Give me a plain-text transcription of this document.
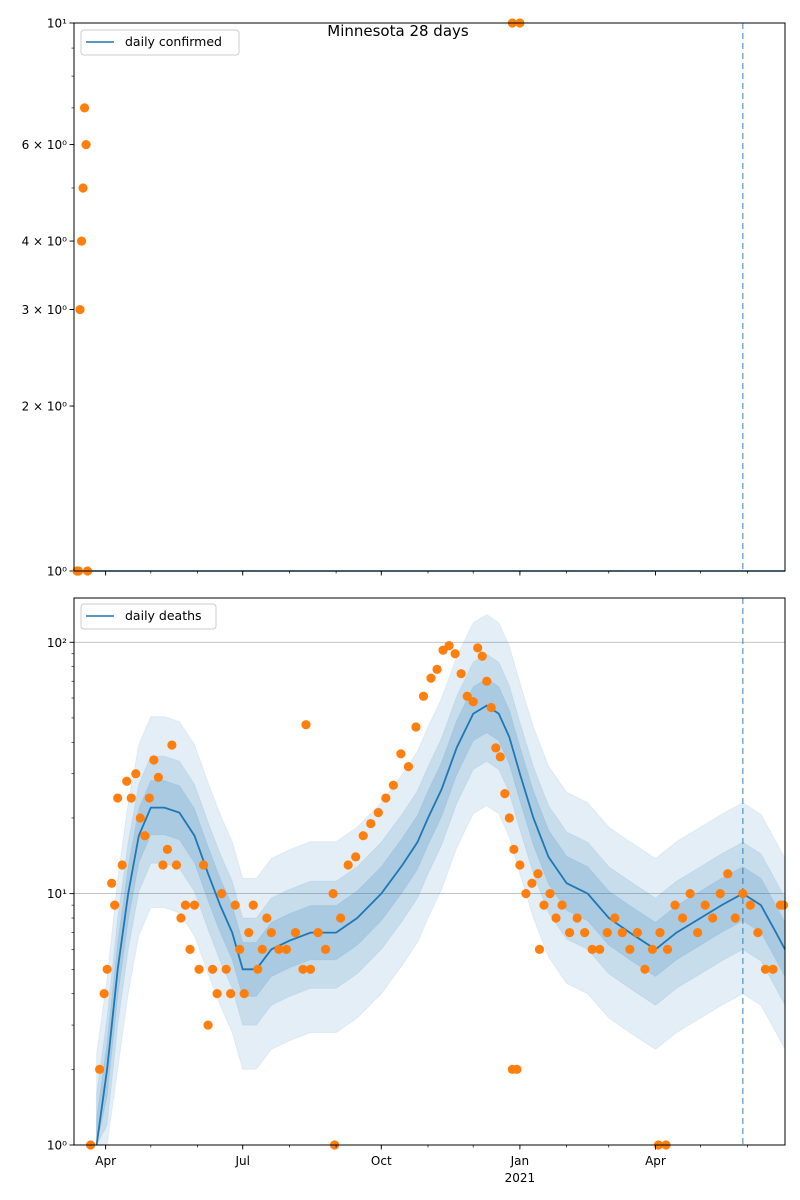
Minnesota 28 days
10⁰
2 × 10⁰
3 × 10⁰
4 × 10⁰
6 × 10⁰
10¹
daily confirmed
10⁰
10¹
10²
Apr	Jul	Oct	Jan
2021
Apr
daily deaths
